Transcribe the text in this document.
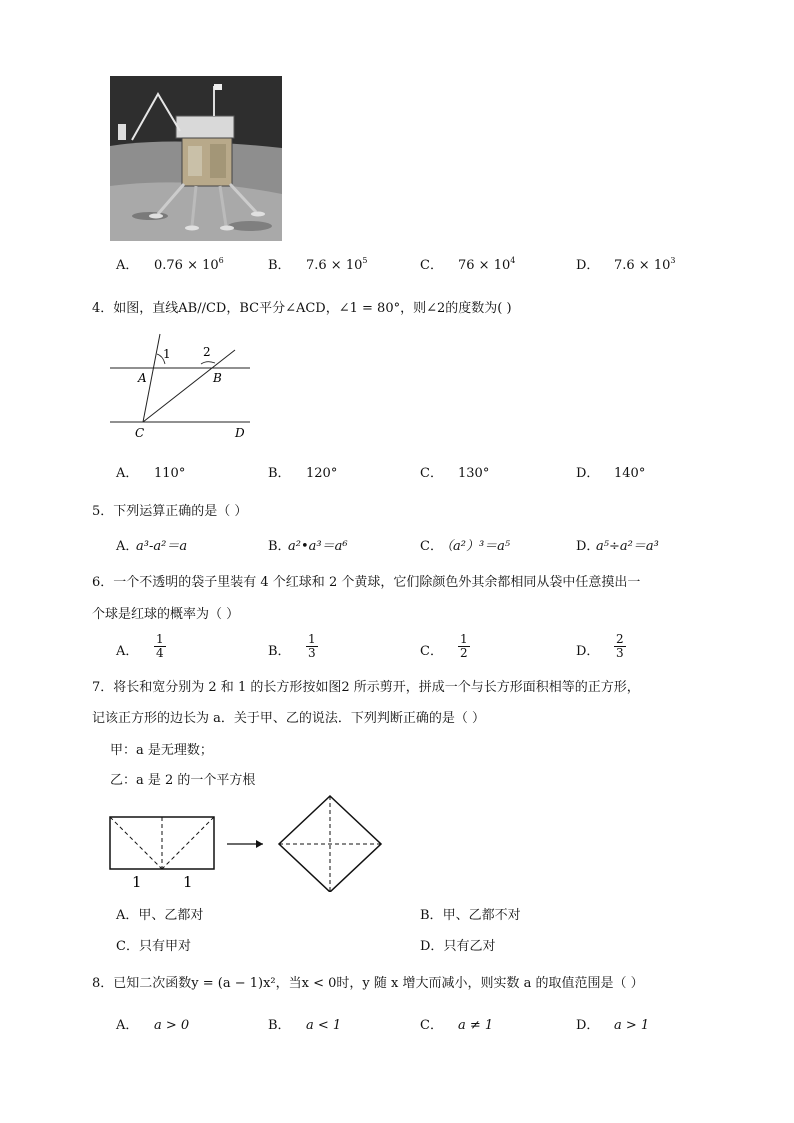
A． $0.76 \times 10^6$	B． $7.6 \times 10^5$	C． $76 \times 10^4$	D． $7.6 \times 10^3$
4．如图，直线AB//CD，BC平分∠ACD，∠1 = 80°，则∠2的度数为( )
1	2
A	B
C	D
A． 110°	B． 120°	C． 130°	D． 140°
5．下列运算正确的是（ ）
A．a³-a²＝a	B．a²•a³＝a⁶	C．（a²）³＝a⁵	D．a⁵÷a²＝a³
6．一个不透明的袋子里装有 4 个红球和 2 个黄球，它们除颜色外其余都相同从袋中任意摸出一
个球是红球的概率为（ ）
A． $\frac{1}{4}$	B． $\frac{1}{3}$	C． $\frac{1}{2}$	D． $\frac{2}{3}$
7．将长和宽分别为 2 和 1 的长方形按如图2 所示剪开，拼成一个与长方形面积相等的正方形，
记该正方形的边长为 a．关于甲、乙的说法．下列判断正确的是（ ）
甲：a 是无理数；
乙：a 是 2 的一个平方根
1	1
A．甲、乙都对	B．甲、乙都不对
C．只有甲对	D．只有乙对
8．已知二次函数y = (a − 1)x²，当x < 0时，y 随 x 增大而减小，则实数 a 的取值范围是（ ）
A． a > 0	B． a < 1	C． a ≠ 1	D． a > 1
